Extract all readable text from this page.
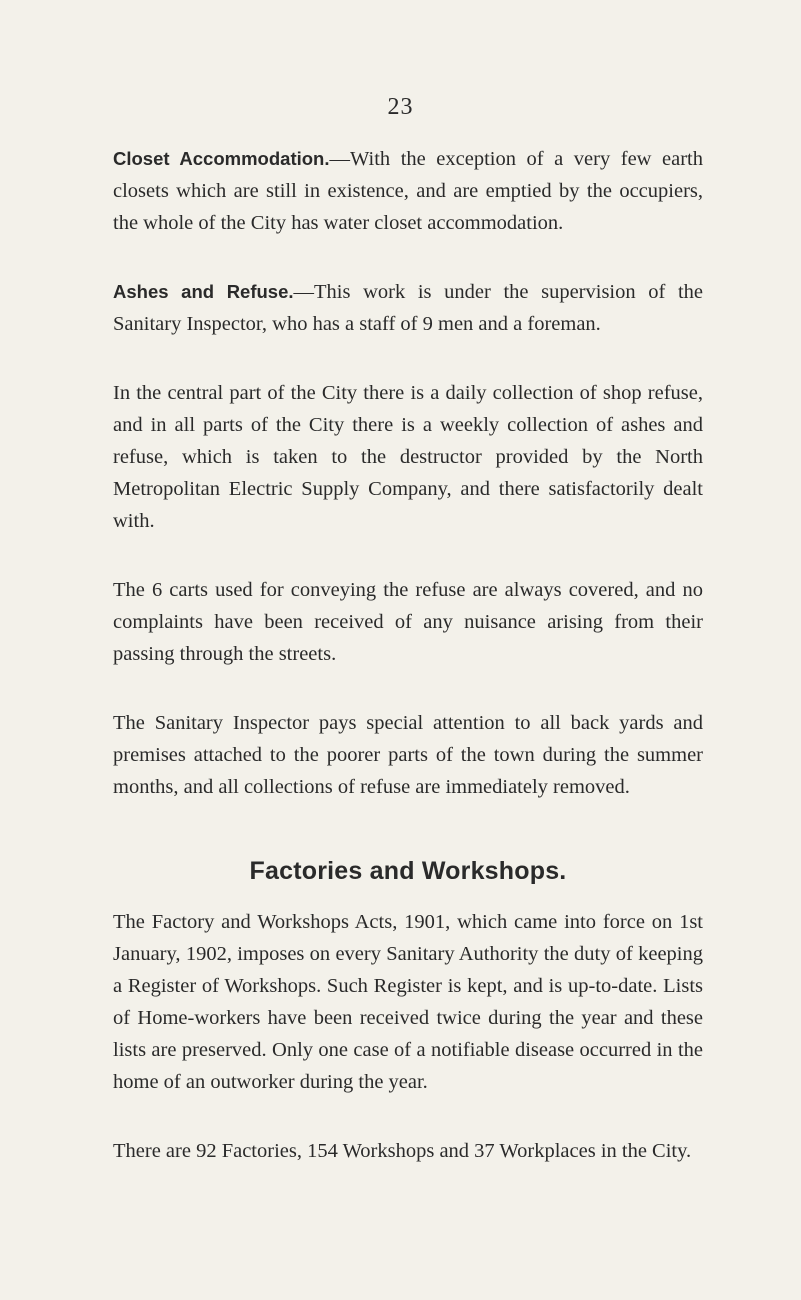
23

Closet Accommodation.—With the exception of a very few earth closets which are still in existence, and are emptied by the occupiers, the whole of the City has water closet accommodation.

Ashes and Refuse.—This work is under the supervision of the Sanitary Inspector, who has a staff of 9 men and a foreman.

In the central part of the City there is a daily collection of shop refuse, and in all parts of the City there is a weekly collection of ashes and refuse, which is taken to the destructor provided by the North Metropolitan Electric Supply Company, and there satisfactorily dealt with.

The 6 carts used for conveying the refuse are always covered, and no complaints have been received of any nuisance arising from their passing through the streets.

The Sanitary Inspector pays special attention to all back yards and premises attached to the poorer parts of the town during the summer months, and all collections of refuse are immediately removed.

Factories and Workshops.

The Factory and Workshops Acts, 1901, which came into force on 1st January, 1902, imposes on every Sanitary Authority the duty of keeping a Register of Workshops. Such Register is kept, and is up-to-date. Lists of Home-workers have been received twice during the year and these lists are preserved. Only one case of a notifiable disease occurred in the home of an outworker during the year.

There are 92 Factories, 154 Workshops and 37 Workplaces in the City.
